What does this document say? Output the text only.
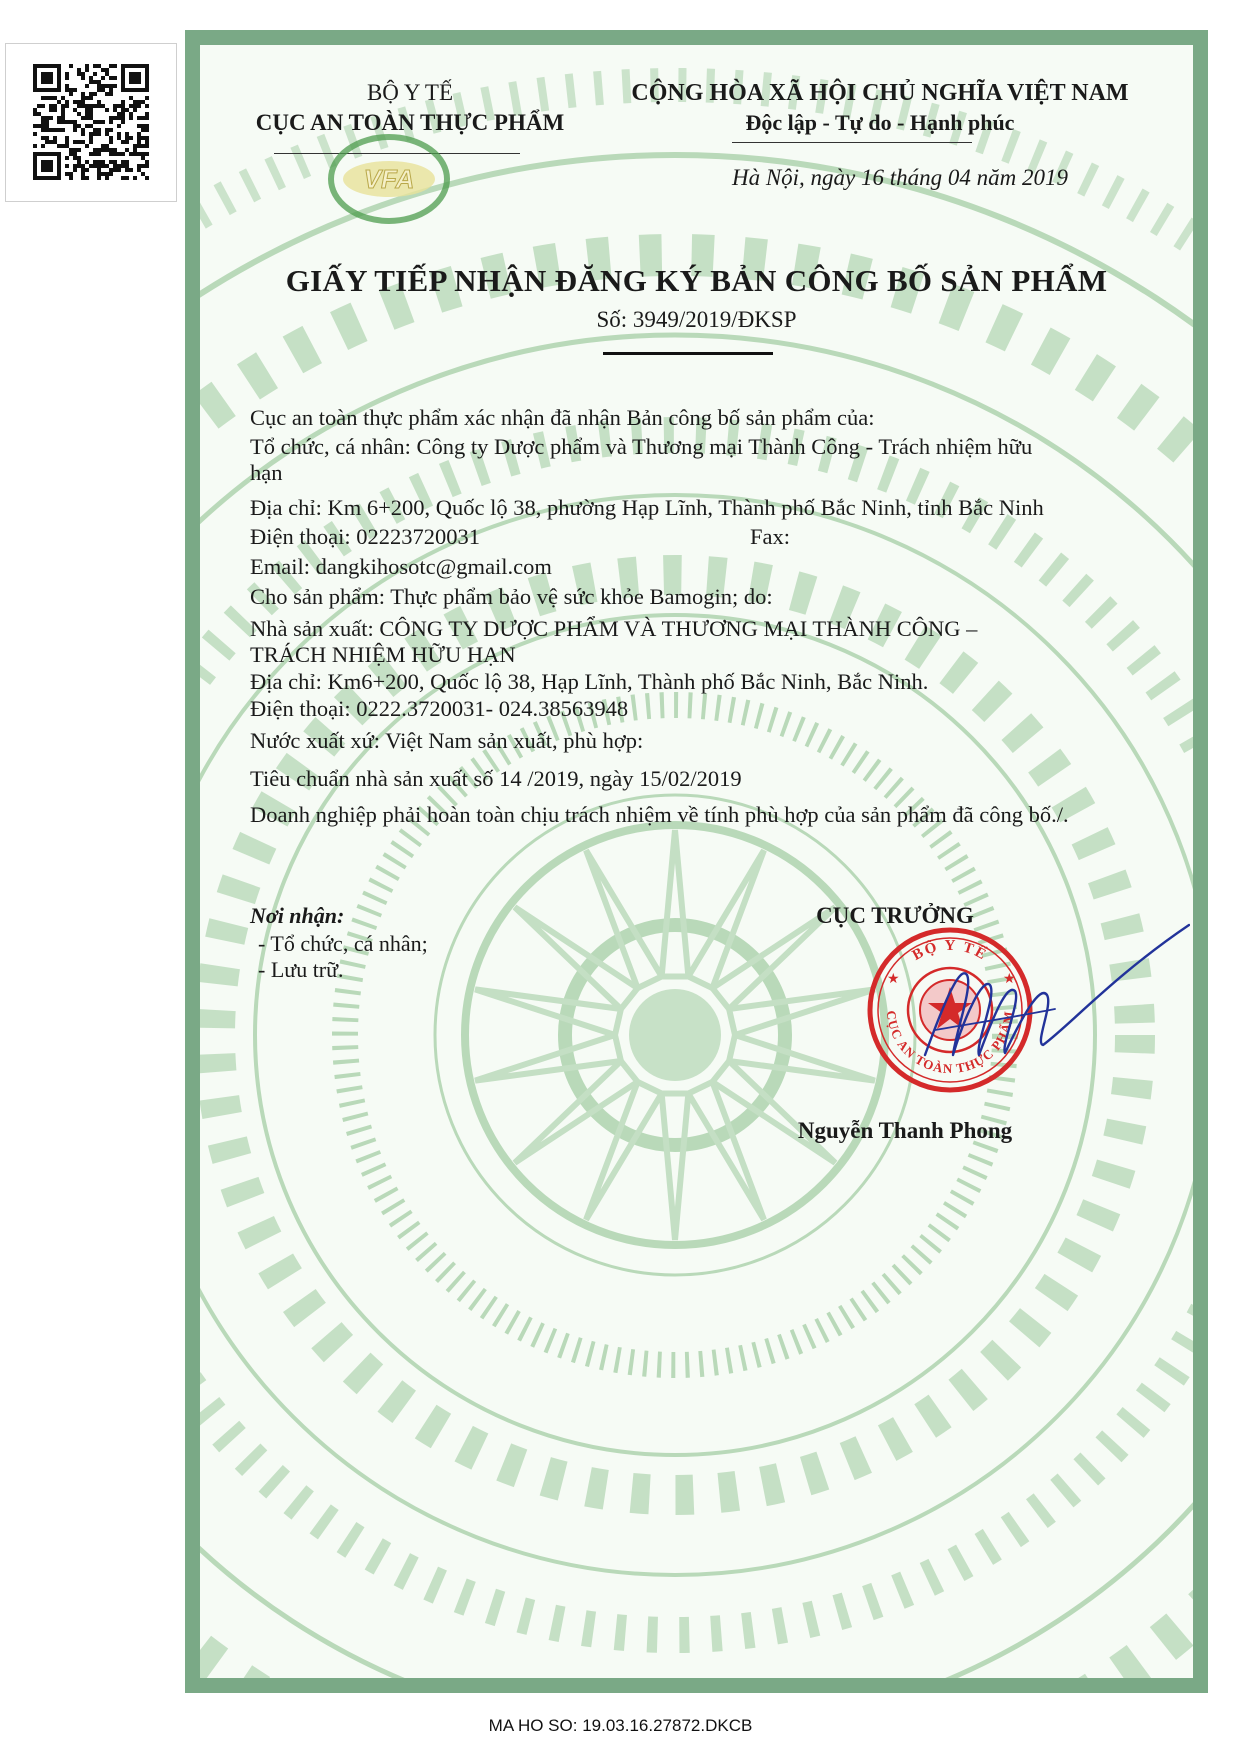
BỘ Y TẾ
CỤC AN TOÀN THỰC PHẨM
VFA
CỘNG HÒA XÃ HỘI CHỦ NGHĨA VIỆT NAM
Độc lập - Tự do - Hạnh phúc
Hà Nội, ngày 16 tháng 04 năm 2019
GIẤY TIẾP NHẬN ĐĂNG KÝ BẢN CÔNG BỐ SẢN PHẨM
Số: 3949/2019/ĐKSP
Cục an toàn thực phẩm xác nhận đã nhận Bản công bố sản phẩm của:
Tổ chức, cá nhân: Công ty Dược phẩm và Thương mại Thành Công - Trách nhiệm hữu
hạn
Địa chỉ: Km 6+200, Quốc lộ 38, phường Hạp Lĩnh, Thành phố Bắc Ninh, tỉnh Bắc Ninh
Điện thoại: 02223720031	Fax:
Email: dangkihosotc@gmail.com
Cho sản phẩm: Thực phẩm bảo vệ sức khỏe Bamogin; do:
Nhà sản xuất: CÔNG TY DƯỢC PHẨM VÀ THƯƠNG MẠI THÀNH CÔNG –
TRÁCH NHIỆM HỮU HẠN
Địa chỉ: Km6+200, Quốc lộ 38, Hạp Lĩnh, Thành phố Bắc Ninh, Bắc Ninh.
Điện thoại: 0222.3720031- 024.38563948
Nước xuất xứ: Việt Nam sản xuất, phù hợp:
Tiêu chuẩn nhà sản xuất số 14 /2019, ngày 15/02/2019
Doanh nghiệp phải hoàn toàn chịu trách nhiệm về tính phù hợp của sản phẩm đã công bố./.
Nơi nhận:
- Tổ chức, cá nhân;
- Lưu trữ.
CỤC TRƯỞNG
BỘ Y TẾ
CỤC AN TOÀN THỰC PHẨM
★	★
Nguyễn Thanh Phong
MA HO SO: 19.03.16.27872.DKCB
